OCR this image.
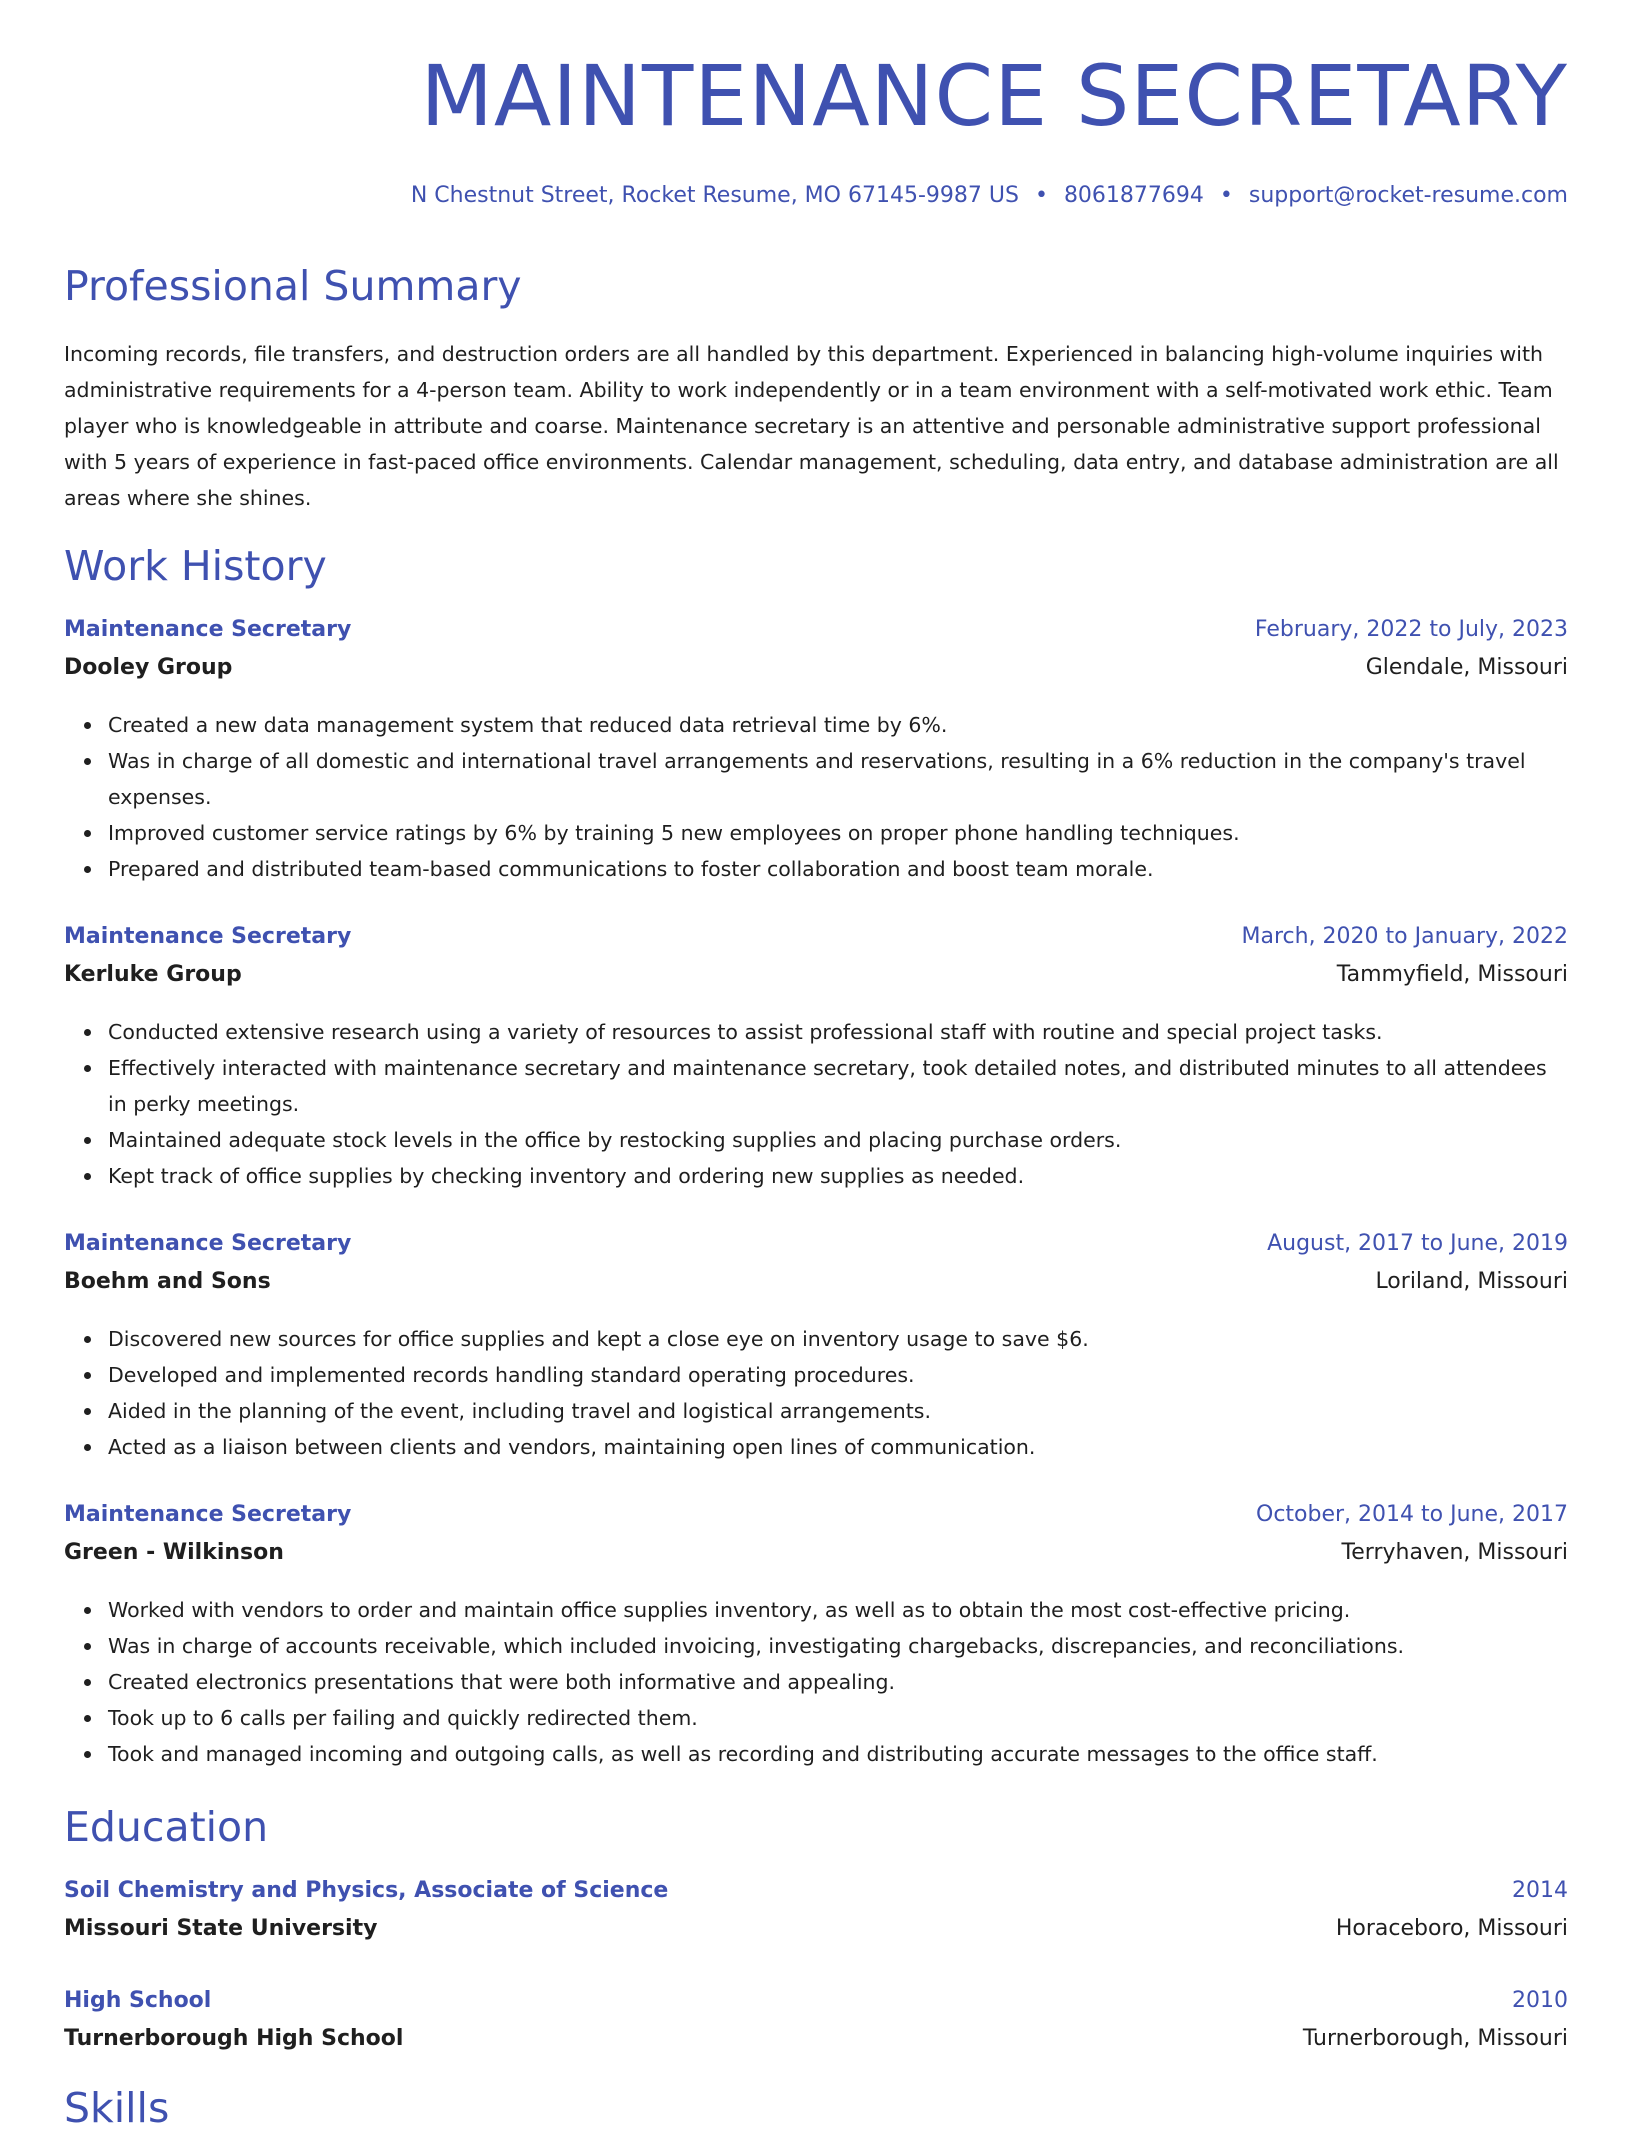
MAINTENANCE SECRETARY
N Chestnut Street, Rocket Resume, MO 67145-9987 US • 8061877694 • support@rocket-resume.com
Professional Summary

Incoming records, file transfers, and destruction orders are all handled by this department. Experienced in balancing high-volume inquiries with administrative requirements for a 4-person team. Ability to work independently or in a team environment with a self-motivated work ethic. Team player who is knowledgeable in attribute and coarse. Maintenance secretary is an attentive and personable administrative support professional with 5 years of experience in fast-paced office environments. Calendar management, scheduling, data entry, and database administration are all areas where she shines.

Work History
Maintenance Secretary	February, 2022 to July, 2023
Dooley Group	Glendale, Missouri
Created a new data management system that reduced data retrieval time by 6%.
Was in charge of all domestic and international travel arrangements and reservations, resulting in a 6% reduction in the company's travel expenses.
Improved customer service ratings by 6% by training 5 new employees on proper phone handling techniques.
Prepared and distributed team-based communications to foster collaboration and boost team morale.
Maintenance Secretary	March, 2020 to January, 2022
Kerluke Group	Tammyfield, Missouri
Conducted extensive research using a variety of resources to assist professional staff with routine and special project tasks.
Effectively interacted with maintenance secretary and maintenance secretary, took detailed notes, and distributed minutes to all attendees in perky meetings.
Maintained adequate stock levels in the office by restocking supplies and placing purchase orders.
Kept track of office supplies by checking inventory and ordering new supplies as needed.
Maintenance Secretary	August, 2017 to June, 2019
Boehm and Sons	Loriland, Missouri
Discovered new sources for office supplies and kept a close eye on inventory usage to save $6.
Developed and implemented records handling standard operating procedures.
Aided in the planning of the event, including travel and logistical arrangements.
Acted as a liaison between clients and vendors, maintaining open lines of communication.
Maintenance Secretary	October, 2014 to June, 2017
Green - Wilkinson	Terryhaven, Missouri
Worked with vendors to order and maintain office supplies inventory, as well as to obtain the most cost-effective pricing.
Was in charge of accounts receivable, which included invoicing, investigating chargebacks, discrepancies, and reconciliations.
Created electronics presentations that were both informative and appealing.
Took up to 6 calls per failing and quickly redirected them.
Took and managed incoming and outgoing calls, as well as recording and distributing accurate messages to the office staff.
Education
Soil Chemistry and Physics, Associate of Science	2014
Missouri State University	Horaceboro, Missouri
High School	2010
Turnerborough High School	Turnerborough, Missouri
Skills
